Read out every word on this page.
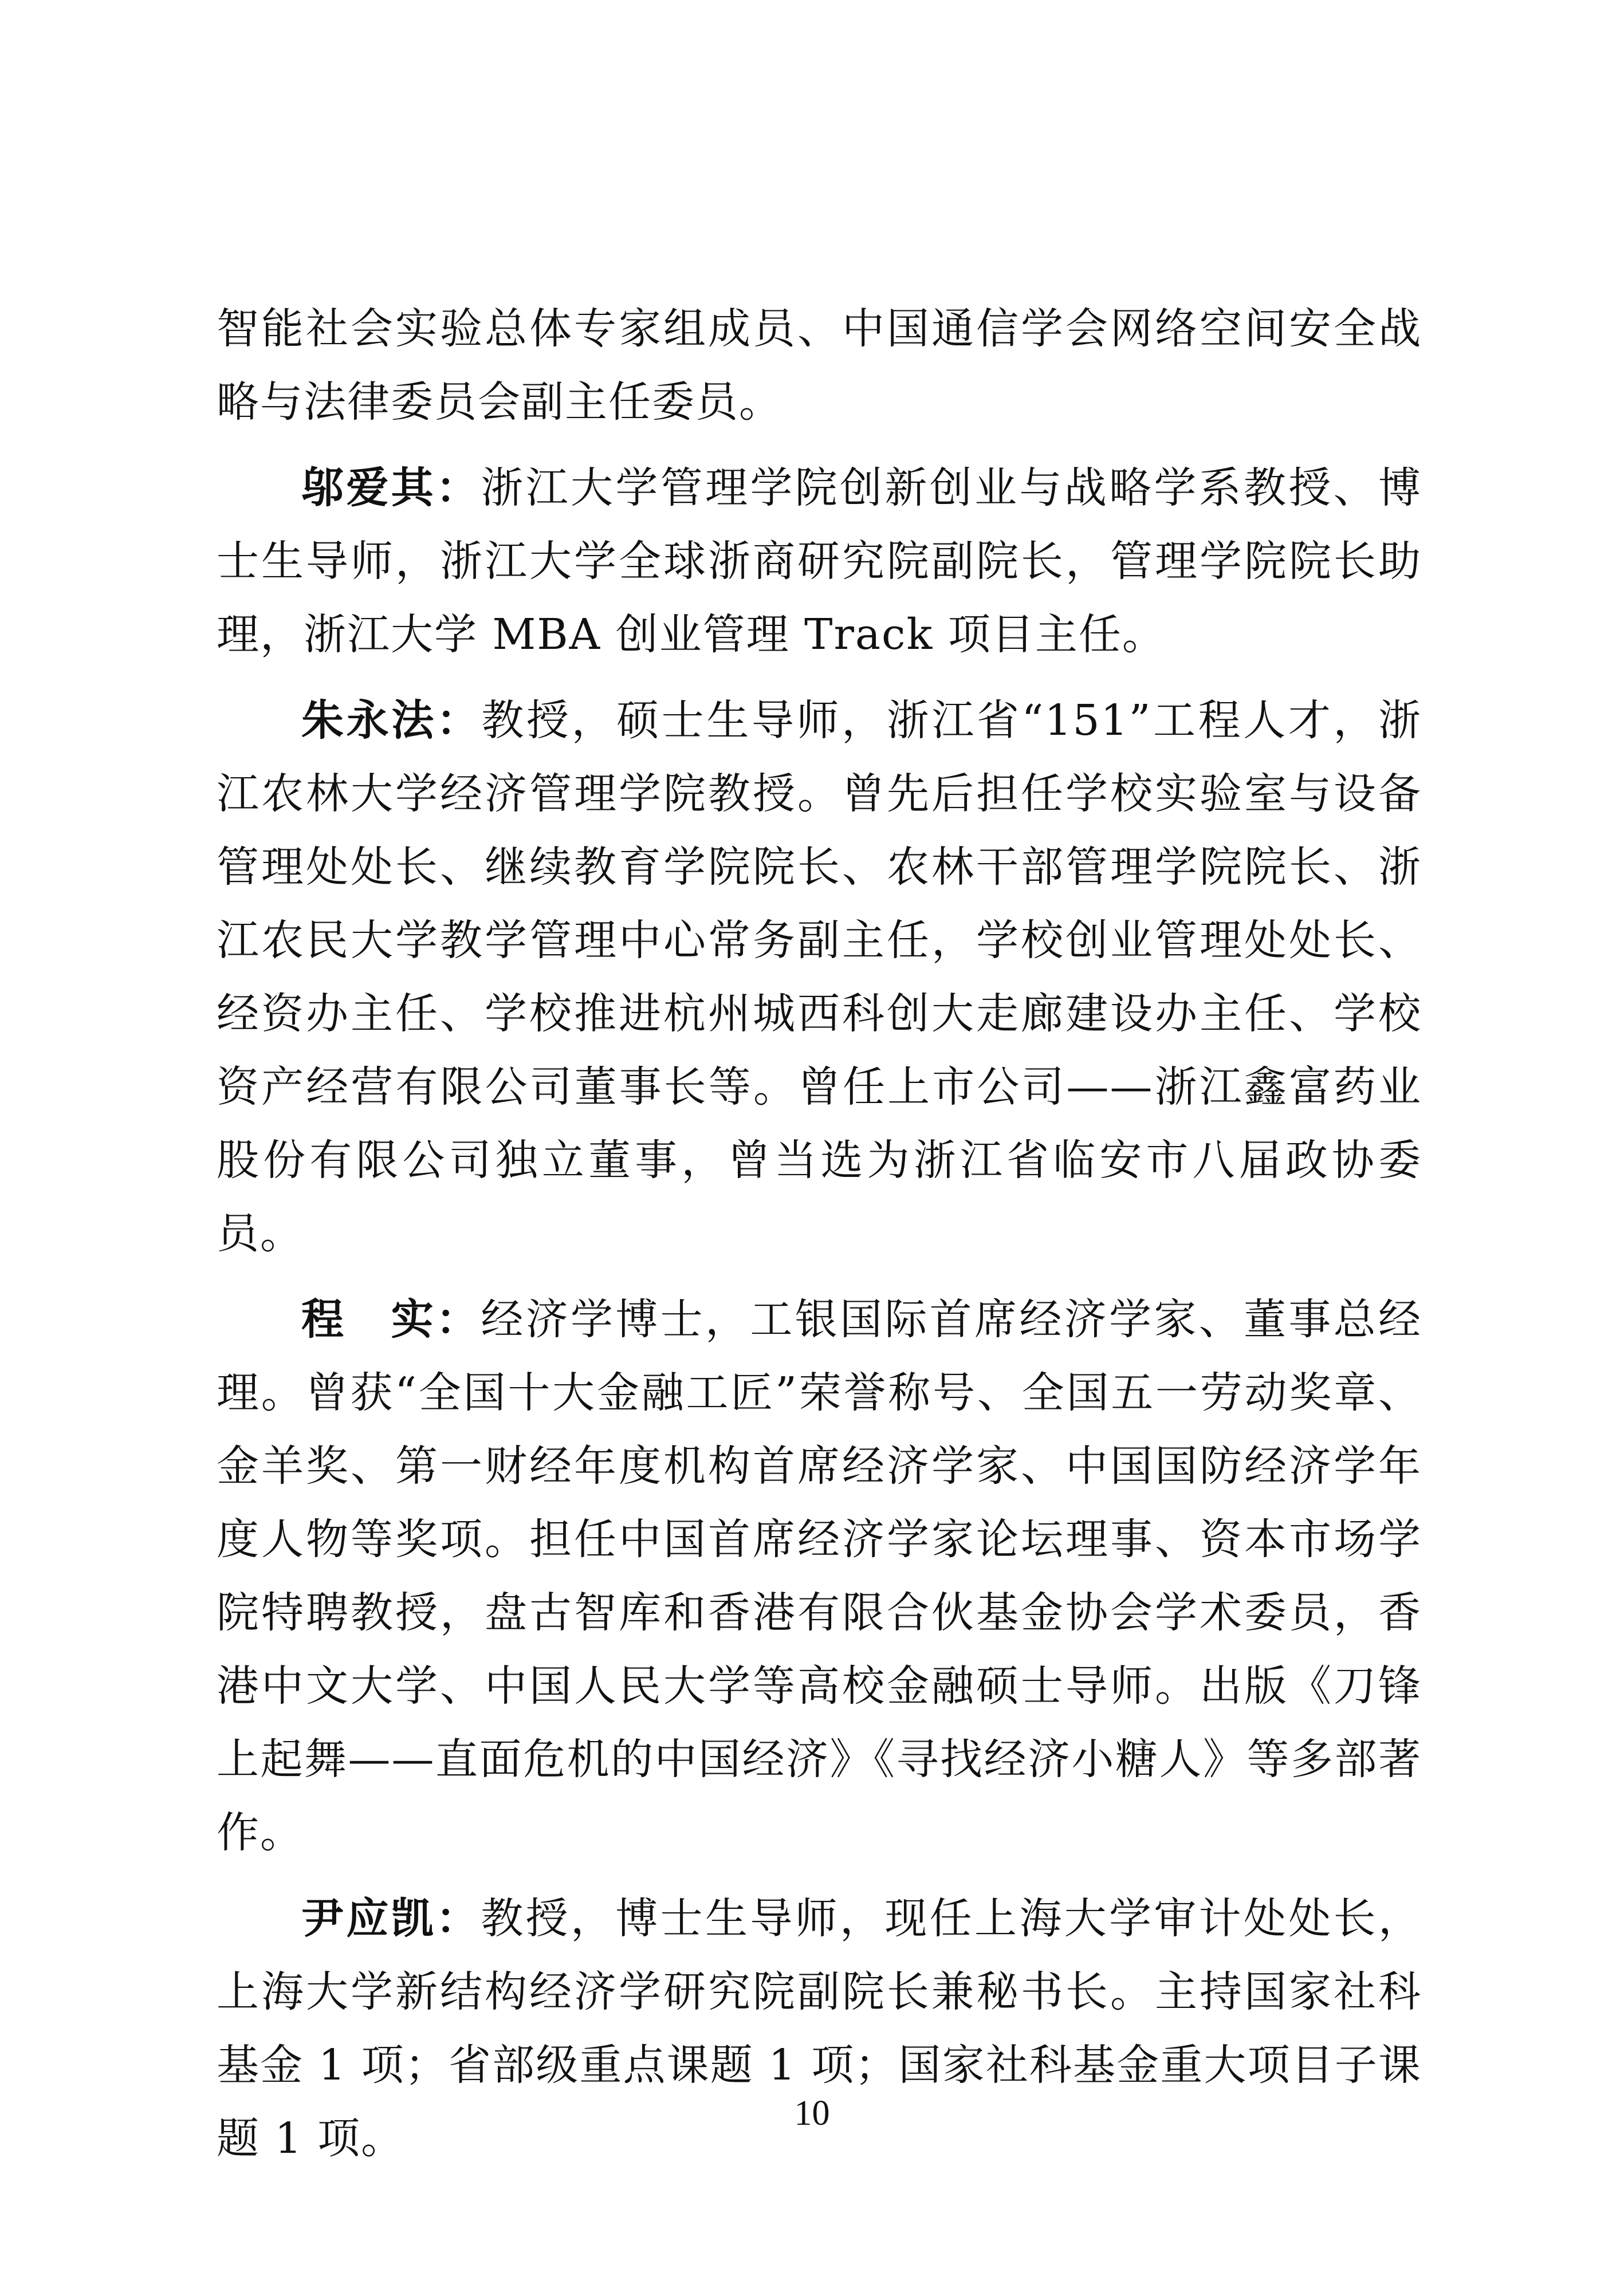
智能社会实验总体专家组成员、中国通信学会网络空间安全战略与法律委员会副主任委员。

邬爱其：浙江大学管理学院创新创业与战略学系教授、博士生导师，浙江大学全球浙商研究院副院长，管理学院院长助理，浙江大学 MBA 创业管理 Track 项目主任。

朱永法：教授，硕士生导师，浙江省“151”工程人才，浙江农林大学经济管理学院教授。曾先后担任学校实验室与设备管理处处长、继续教育学院院长、农林干部管理学院院长、浙江农民大学教学管理中心常务副主任，学校创业管理处处长、经资办主任、学校推进杭州城西科创大走廊建设办主任、学校资产经营有限公司董事长等。曾任上市公司——浙江鑫富药业股份有限公司独立董事，曾当选为浙江省临安市八届政协委员。

程　实：经济学博士，工银国际首席经济学家、董事总经理。曾获“全国十大金融工匠”荣誉称号、全国五一劳动奖章、金羊奖、第一财经年度机构首席经济学家、中国国防经济学年度人物等奖项。担任中国首席经济学家论坛理事、资本市场学院特聘教授，盘古智库和香港有限合伙基金协会学术委员，香港中文大学、中国人民大学等高校金融硕士导师。出版《刀锋上起舞——直面危机的中国经济》《寻找经济小糖人》等多部著作。

尹应凯：教授，博士生导师，现任上海大学审计处处长，上海大学新结构经济学研究院副院长兼秘书长。主持国家社科基金 1 项；省部级重点课题 1 项；国家社科基金重大项目子课题 1 项。

10
